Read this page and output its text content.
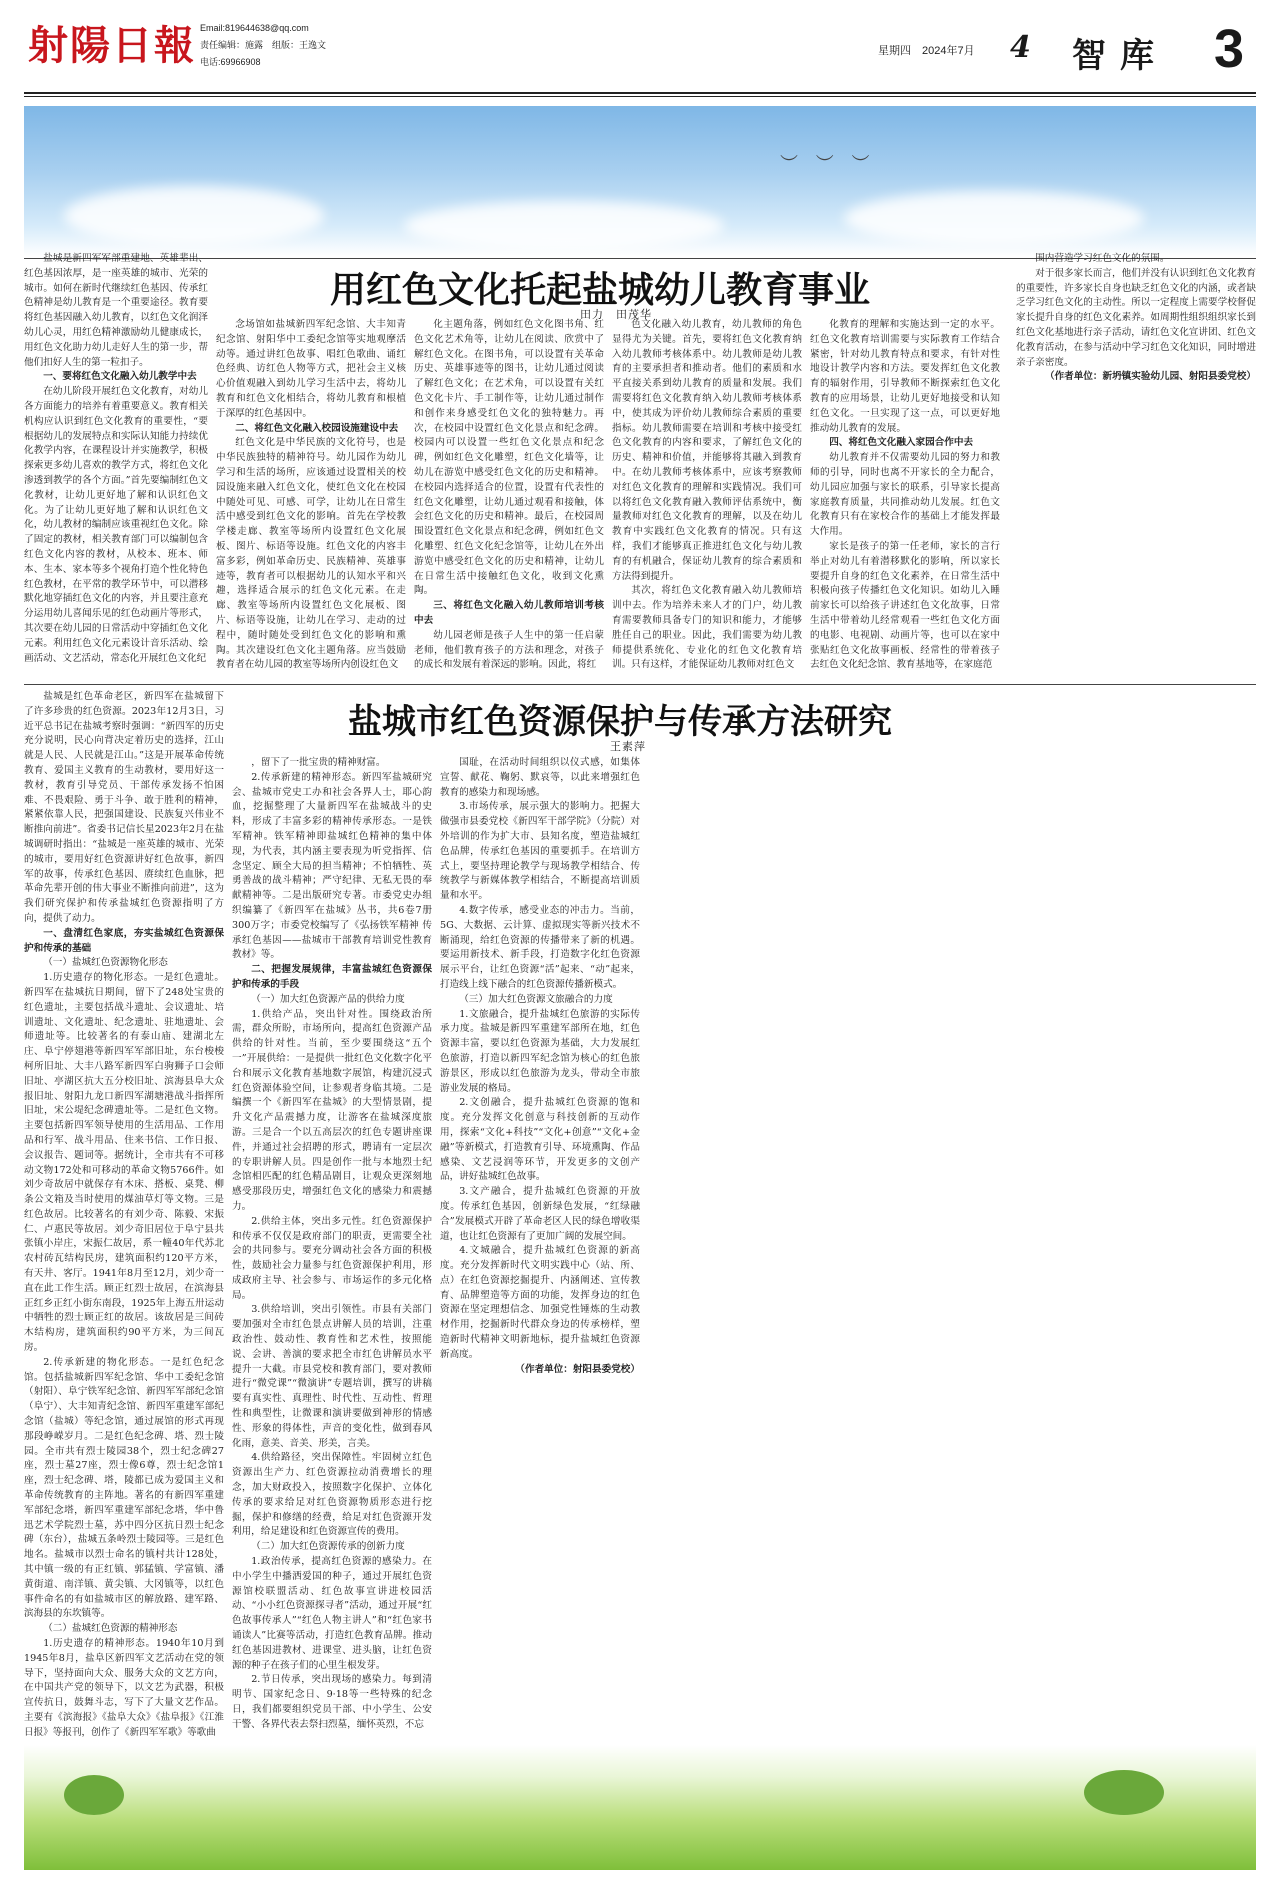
射陽日報 Email:819644638@qq.com
责任编辑：施露　组版：王逸文
电话:69966908
星期四　2024年7月 4 智库 3
︶ ︶ ︶
用红色文化托起盐城幼儿教育事业
田力　田茂华

盐城是新四军军部重建地、英雄辈出、红色基因浓厚，是一座英雄的城市、光荣的城市。如何在新时代继续红色基因、传承红色精神是幼儿教育是一个重要途径。教育要将红色基因融入幼儿教育，以红色文化润泽幼儿心灵，用红色精神激励幼儿健康成长，用红色文化助力幼儿走好人生的第一步，帮他们扣好人生的第一粒扣子。

一、要将红色文化融入幼儿教学中去

在幼儿阶段开展红色文化教育，对幼儿各方面能力的培养有着重要意义。教育相关机构应认识到红色文化教育的重要性，“要根据幼儿的发展特点和实际认知能力持续优化教学内容，在课程设计并实施教学，积极探索更多幼儿喜欢的教学方式，将红色文化渗透到教学的各个方面。”首先要编制红色文化教材，让幼儿更好地了解和认识红色文化。为了让幼儿更好地了解和认识红色文化，幼儿教材的编制应该重视红色文化。除了固定的教材，相关教育部门可以编制包含红色文化内容的教材，从校本、班本、师本、生本、家本等多个视角打造个性化特色红色教材，在平常的教学环节中，可以潜移默化地穿插红色文化的内容，并且要注意充分运用幼儿喜闻乐见的红色动画片等形式，其次要在幼儿园的日常活动中穿插红色文化元素。利用红色文化元素设计音乐活动、绘画活动、文艺活动，常态化开展红色文化纪

念场馆如盐城新四军纪念馆、大丰知青纪念馆、射阳华中工委纪念馆等实地观摩活动等。通过讲红色故事、唱红色歌曲、诵红色经典、访红色人物等方式，把社会主义核心价值观融入到幼儿学习生活中去，将幼儿教育和红色文化相结合，将幼儿教育和根植于深厚的红色基因中。

二、将红色文化融入校园设施建设中去

红色文化是中华民族的文化符号，也是中华民族独特的精神符号。幼儿园作为幼儿学习和生活的场所，应该通过设置相关的校园设施来融入红色文化，使红色文化在校园中随处可见、可感、可学，让幼儿在日常生活中感受到红色文化的影响。首先在学校教学楼走廊、教室等场所内设置红色文化展板、图片、标语等设施。红色文化的内容丰富多彩，例如革命历史、民族精神、英雄事迹等，教育者可以根据幼儿的认知水平和兴趣，选择适合展示的红色文化元素。在走廊、教室等场所内设置红色文化展板、图片、标语等设施，让幼儿在学习、走动的过程中，随时随处受到红色文化的影响和熏陶。其次建设红色文化主题角落。应当鼓励教育者在幼儿园的教室等场所内创设红色文

化主题角落，例如红色文化图书角、红色文化艺术角等，让幼儿在阅读、欣赏中了解红色文化。在图书角，可以设置有关革命历史、英雄事迹等的图书，让幼儿通过阅读了解红色文化；在艺术角，可以设置有关红色文化卡片、手工制作等，让幼儿通过制作和创作来身感受红色文化的独特魅力。再次，在校园中设置红色文化景点和纪念碑。校园内可以设置一些红色文化景点和纪念碑，例如红色文化雕塑，红色文化墙等，让幼儿在游览中感受红色文化的历史和精神。在校园内选择适合的位置，设置有代表性的红色文化雕塑，让幼儿通过观看和接触，体会红色文化的历史和精神。最后，在校园周围设置红色文化景点和纪念碑，例如红色文化雕塑、红色文化纪念馆等，让幼儿在外出游览中感受红色文化的历史和精神，让幼儿在日常生活中接触红色文化，收到文化熏陶。

三、将红色文化融入幼儿教师培训考核中去

幼儿园老师是孩子人生中的第一任启蒙老师，他们教育孩子的方法和理念，对孩子的成长和发展有着深远的影响。因此，将红

色文化融入幼儿教育，幼儿教师的角色显得尤为关键。首先，要将红色文化教育纳入幼儿教师考核体系中。幼儿教师是幼儿教育的主要承担者和推动者。他们的素质和水平直接关系到幼儿教育的质量和发展。我们需要将红色文化教育纳入幼儿教师考核体系中，使其成为评价幼儿教师综合素质的重要指标。幼儿教师需要在培训和考核中接受红色文化教育的内容和要求，了解红色文化的历史、精神和价值，并能够将其融入到教育中。在幼儿教师考核体系中，应该考察教师对红色文化教育的理解和实践情况。我们可以将红色文化教育融入教师评估系统中，衡量教师对红色文化教育的理解，以及在幼儿教育中实践红色文化教育的情况。只有这样，我们才能够真正推进红色文化与幼儿教育的有机融合，保证幼儿教育的综合素质和方法得到提升。

其次，将红色文化教育融入幼儿教师培训中去。作为培养未来人才的门户，幼儿教育需要教师具备专门的知识和能力，才能够胜任自己的职业。因此，我们需要为幼儿教师提供系统化、专业化的红色文化教育培训。只有这样，才能保证幼儿教师对红色文

化教育的理解和实施达到一定的水平。红色文化教育培训需要与实际教育工作结合紧密，针对幼儿教育特点和要求，有针对性地设计教学内容和方法。要发挥红色文化教育的辐射作用，引导教师不断探索红色文化教育的应用场景，让幼儿更好地接受和认知红色文化。一旦实现了这一点，可以更好地推动幼儿教育的发展。

四、将红色文化融入家园合作中去

幼儿教育并不仅需要幼儿园的努力和教师的引导，同时也离不开家长的全力配合，幼儿园应加强与家长的联系，引导家长提高家庭教育质量，共同推动幼儿发展。红色文化教育只有在家校合作的基础上才能发挥最大作用。

家长是孩子的第一任老师，家长的言行举止对幼儿有着潜移默化的影响，所以家长要提升自身的红色文化素养，在日常生活中积极向孩子传播红色文化知识。如幼儿入睡前家长可以给孩子讲述红色文化故事，日常生活中带着幼儿经常观看一些红色文化方面的电影、电视剧、动画片等，也可以在家中张贴红色文化故事画板、经常性的带着孩子去红色文化纪念馆、教育基地等，在家庭范

围内营造学习红色文化的氛围。

对于很多家长而言，他们并没有认识到红色文化教育的重要性，许多家长自身也缺乏红色文化的内涵，或者缺乏学习红色文化的主动性。所以一定程度上需要学校督促家长提升自身的红色文化素养。如周期性组织组织家长到红色文化基地进行亲子活动，请红色文化宣讲团、红色文化教育活动，在参与活动中学习红色文化知识，同时增进亲子亲密度。

（作者单位：新坍镇实验幼儿园、射阳县委党校）

盐城市红色资源保护与传承方法研究
王素萍

盐城是红色革命老区，新四军在盐城留下了许多珍贵的红色资源。2023年12月3日，习近平总书记在盐城考察时强调：“新四军的历史充分说明，民心向背决定着历史的选择，江山就是人民、人民就是江山。”这是开展革命传统教育、爱国主义教育的生动教材，要用好这一教材，教育引导党员、干部传承发扬不怕困难、不畏艰险、勇于斗争、敢于胜利的精神，紧紧依靠人民，把强国建设、民族复兴伟业不断推向前进”。省委书记信长星2023年2月在盐城调研时指出：“盐城是一座英雄的城市、光荣的城市，要用好红色资源讲好红色故事，新四军的故事，传承红色基因、赓续红色血脉，把革命先辈开创的伟大事业不断推向前进”，这为我们研究保护和传承盐城红色资源指明了方向，提供了动力。

一、盘清红色家底，夯实盐城红色资源保护和传承的基础

（一）盐城红色资源物化形态

1.历史遗存的物化形态。一是红色遗址。新四军在盐城抗日期间，留下了248处宝贵的红色遗址，主要包括战斗遗址、会议遗址、培训遗址、文化遗址、纪念遗址、驻地遗址、会师遗址等。比较著名的有泰山庙、建湖北左庄、阜宁停翅港等新四军军部旧址，东台梭梭柯所旧址、大丰八路军新四军白驹狮子口会师旧址、亭湖区抗大五分校旧址、滨海县阜大众报旧址、射阳九龙口新四军湖塘港战斗指挥所旧址，宋公堤纪念碑遗址等。二是红色文物。主要包括新四军领导使用的生活用品、工作用品和行军、战斗用品、住来书信、工作日报、会议报告、题词等。据统计，全市共有不可移动文物172处和可移动的革命文物5766件。如刘少奇故居中就保存有木床、搭板、桌凳、柳条公文箱及当时使用的煤油草灯等文物。三是红色故居。比较著名的有刘少奇、陈毅、宋振仁、卢惠民等故居。刘少奇旧居位于阜宁县共张镇小岸庄，宋振仁故居，系一幢40年代苏北农村砖瓦结构民房，建筑面积约120平方米，有天井、客厅。1941年8月至12月，刘少奇一直在此工作生活。顾正红烈士故居，在滨海县正红乡正红小街东南段，1925年上海五卅运动中牺牲的烈士顾正红的故居。该故居是三间砖木结构房，建筑面积约90平方米，为三间瓦房。

2.传承新建的物化形态。一是红色纪念馆。包括盐城新四军纪念馆、华中工委纪念馆（射阳）、阜宁铁军纪念馆、新四军军部纪念馆（阜宁）、大丰知青纪念馆、新四军重建军部纪念馆（盐城）等纪念馆，通过展馆的形式再现那段峥嵘岁月。二是红色纪念碑、塔、烈士陵园。全市共有烈士陵园38个，烈士纪念碑27座，烈士墓27座，烈士像6尊，烈士纪念馆1座，烈士纪念碑、塔，陵都已成为爱国主义和革命传统教育的主阵地。著名的有新四军重建军部纪念塔，新四军重建军部纪念塔，华中鲁迅艺术学院烈士墓，苏中四分区抗日烈士纪念碑（东台），盐城五条岭烈士陵园等。三是红色地名。盐城市以烈士命名的镇村共计128处，其中镇一级的有正红镇、郭猛镇、学富镇、潘黄街道、南洋镇、黄尖镇、大冈镇等，以红色事件命名的有如盐城市区的解放路、建军路、滨海县的东坎镇等。

（二）盐城红色资源的精神形态

1.历史遗存的精神形态。1940年10月到1945年8月，盐阜区新四军文艺活动在党的领导下，坚持面向大众、服务大众的文艺方向，在中国共产党的领导下，以文艺为武器，积极宣传抗日，鼓舞斗志，写下了大量文艺作品。主要有《滨海报》《盐阜大众》《盐阜报》《江淮日报》等报刊，创作了《新四军军歌》等歌曲

，留下了一批宝贵的精神财富。

2.传承新建的精神形态。新四军盐城研究会、盐城市党史工办和社会各界人士，耶心韵血，挖掘整理了大量新四军在盐城战斗的史料，形成了丰富多彩的精神传承形态。一是铁军精神。铁军精神即盐城红色精神的集中体现，为代表，其内涵主要表现为听党指挥、信念坚定、顾全大局的担当精神；不怕牺牲、英勇善战的战斗精神；严守纪律、无私无畏的奉献精神等。二是出版研究专著。市委党史办组织编纂了《新四军在盐城》丛书，共6卷7册300万字；市委党校编写了《弘扬铁军精神 传承红色基因——盐城市干部教育培训党性教育教材》等。

二、把握发展规律，丰富盐城红色资源保护和传承的手段

（一）加大红色资源产品的供给力度

1.供给产品，突出针对性。围绕政治所需，群众所盼，市场所向，提高红色资源产品供给的针对性。当前，至少要围绕这“五个一”开展供给：一是提供一批红色文化数字化平台和展示文化教育基地数字展馆，构建沉浸式红色资源体验空间，让参观者身临其境。二是编撰一个《新四军在盐城》的大型情景剧，提升文化产品震撼力度，让游客在盐城深度旅游。三是合一个以五高层次的红色专题讲座课件，并通过社会招聘的形式，聘请有一定层次的专职讲解人员。四是创作一批与本地烈士纪念馆相匹配的红色精品剧目，让观众更深刻地感受那段历史，增强红色文化的感染力和震撼力。

2.供给主体，突出多元性。红色资源保护和传承不仅仅是政府部门的职责，更需要全社会的共同参与。要充分调动社会各方面的积极性，鼓励社会力量参与红色资源保护利用，形成政府主导、社会参与、市场运作的多元化格局。

3.供给培训，突出引领性。市县有关部门要加强对全市红色景点讲解人员的培训，注重政治性、鼓动性、教育性和艺术性，按照能说、会讲、善演的要求把全市红色讲解员水平提升一大截。市县党校和教育部门，要对教师进行“微党课”“微演讲”专题培训，撰写的讲稿要有真实性、真理性、时代性、互动性、哲理性和典型性，让微课和演讲要做到神形的情感性、形象的得体性，声音的变化性，做到春风化雨，意美、音美、形美，言美。

4.供给路径，突出保障性。牢固树立红色资源出生产力、红色资源拉动消费增长的理念，加大财政投入，按照数字化保护、立体化传承的要求给足对红色资源物质形态进行挖掘，保护和修缮的经费，给足对红色资源开发利用，给足建设和红色资源宣传的费用。

（二）加大红色资源传承的创新力度

1.政治传承，提高红色资源的感染力。在中小学生中播洒爱国的种子，通过开展红色资源馆校联盟活动、红色故事宣讲进校园活动、“小小红色资源探寻者”活动，通过开展“红色故事传承人”“红色人物主讲人”和“红色家书诵读人”比赛等活动，打造红色教育品牌。推动红色基因进教材、进课堂、进头脑，让红色资源的种子在孩子们的心里生根发芽。

2.节日传承，突出现场的感染力。每到清明节、国家纪念日、9·18等一些特殊的纪念日，我们都要组织党员干部、中小学生、公安干警、各界代表去祭扫烈墓，缅怀英烈，不忘

国耻，在活动时间组织以仪式感，如集体宣誓、献花、鞠躬、默哀等，以此来增强红色教育的感染力和现场感。

3.市场传承，展示强大的影响力。把握大做强市县委党校《新四军干部学院》（分院）对外培训的作为扩大市、县知名度，塑造盐城红色品牌，传承红色基因的重要抓手。在培训方式上，要坚持理论教学与现场教学相结合、传统教学与新媒体教学相结合，不断提高培训质量和水平。

4.数字传承，感受业态的冲击力。当前，5G、大数据、云计算、虚拟现实等新兴技术不断涌现，给红色资源的传播带来了新的机遇。要运用新技术、新手段，打造数字化红色资源展示平台，让红色资源“活”起来、“动”起来，打造线上线下融合的红色资源传播新模式。

（三）加大红色资源文旅融合的力度

1.文旅融合，提升盐城红色旅游的实际传承力度。盐城是新四军重建军部所在地，红色资源丰富，要以红色资源为基础，大力发展红色旅游，打造以新四军纪念馆为核心的红色旅游景区，形成以红色旅游为龙头，带动全市旅游业发展的格局。

2.文创融合，提升盐城红色资源的饱和度。充分发挥文化创意与科技创新的互动作用，探索“文化+科技”“文化+创意”“文化+金融”等新模式，打造教育引导、环境熏陶、作品感染、文艺浸润等环节，开发更多的文创产品，讲好盐城红色故事。

3.文产融合，提升盐城红色资源的开放度。传承红色基因，创新绿色发展，“红绿融合”发展模式开辟了革命老区人民的绿色增收渠道，也让红色资源有了更加广阔的发展空间。

4.文城融合，提升盐城红色资源的新高度。充分发挥新时代文明实践中心（站、所、点）在红色资源挖掘提升、内涵阐述、宣传教育、品牌塑造等方面的功能，发挥身边的红色资源在坚定理想信念、加强党性锤炼的生动教材作用，挖掘新时代群众身边的传承榜样，塑造新时代精神文明新地标，提升盐城红色资源新高度。

（作者单位：射阳县委党校）
